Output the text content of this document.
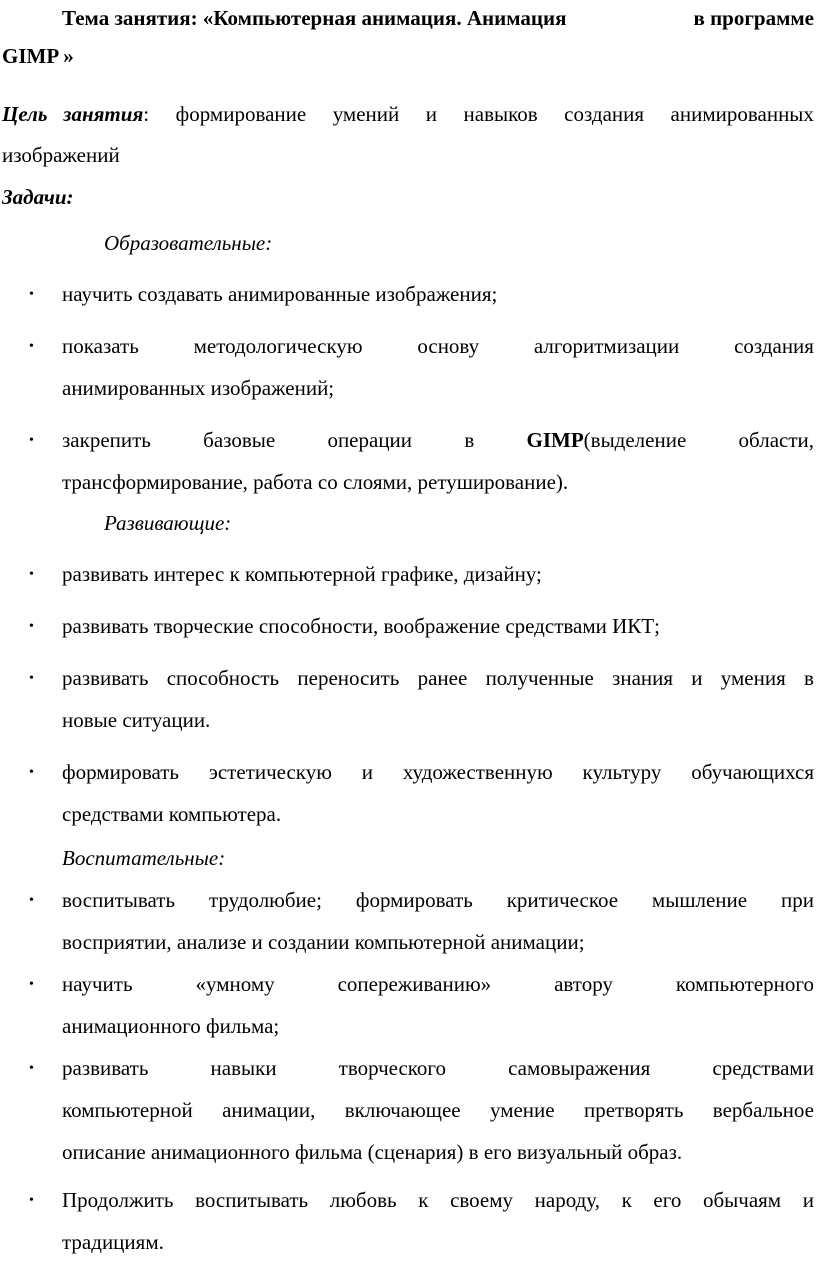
Тема занятия: «Компьютерная анимация. Анимация	в программе
GIMP »
Цель занятия: формирование умений и навыков создания анимированных
изображений
Задачи:
Образовательные:
• научить создавать анимированные изображения;
• показать	методологическую	основу	алгоритмизации	создания
анимированных изображений;
• закрепить базовые операции в GIMP(выделение области,
трансформирование, работа со слоями, ретуширование).
Развивающие:
• развивать интерес к компьютерной графике, дизайну;
• развивать творческие способности, воображение средствами ИКТ;
• развивать способность переносить ранее полученные знания и умения в
новые ситуации.
• формировать эстетическую и художественную культуру обучающихся
средствами компьютера.
Воспитательные:
• воспитывать трудолюбие; формировать критическое мышление при
восприятии, анализе и создании компьютерной анимации;
• научить	«умному	сопереживанию»	автору	компьютерного
анимационного фильма;
• развивать	навыки	творческого	самовыражения	средствами
компьютерной анимации, включающее умение претворять вербальное
описание анимационного фильма (сценария) в его визуальный образ.
• Продолжить воспитывать любовь к своему народу, к его обычаям и
традициям.
